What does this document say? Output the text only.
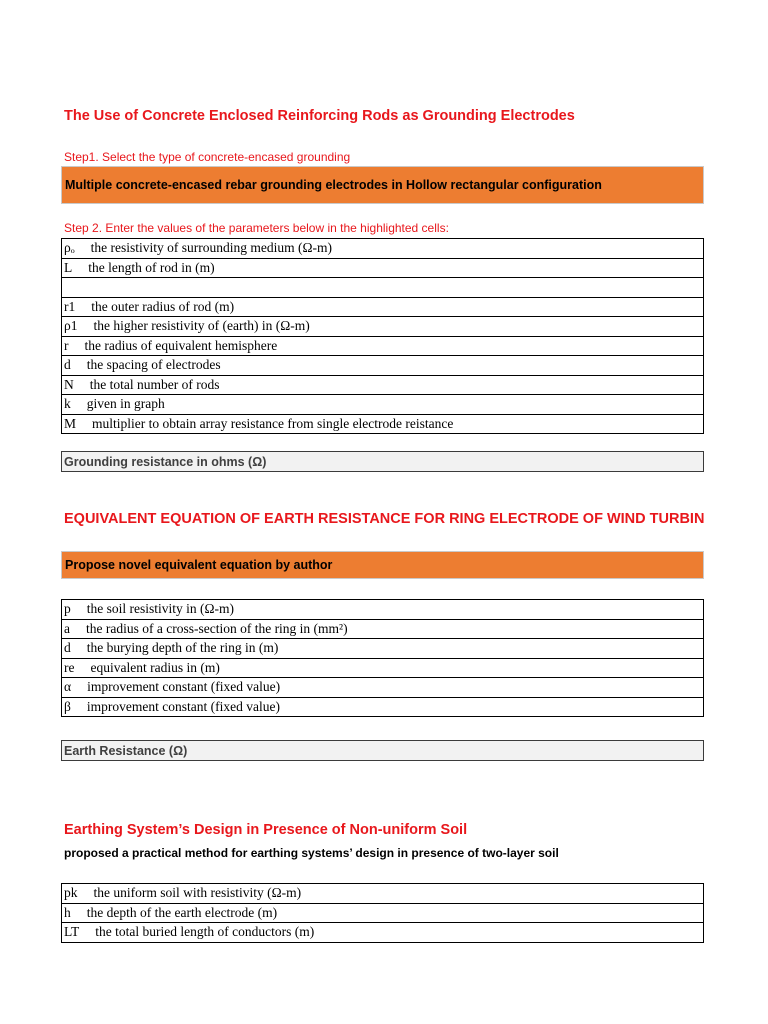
The Use of Concrete Enclosed Reinforcing Rods as Grounding Electrodes
Step1. Select the type of concrete-encased grounding
Multiple concrete-encased rebar grounding electrodes in Hollow rectangular configuration
Step 2. Enter the values of the parameters below in the highlighted cells:
ρₒ the resistivity of surrounding medium (Ω-m)
L the length of rod in (m)

r1 the outer radius of rod (m)
ρ1 the higher resistivity of (earth) in (Ω-m)
r the radius of equivalent hemisphere
d the spacing of electrodes
N the total number of rods
k given in graph
M multiplier to obtain array resistance from single electrode reistance
Grounding resistance in ohms (Ω)
EQUIVALENT EQUATION OF EARTH RESISTANCE FOR RING ELECTRODE OF WIND TURBIN
Propose novel equivalent equation by author
p the soil resistivity in (Ω-m)
a the radius of a cross-section of the ring in (mm²)
d the burying depth of the ring in (m)
re equivalent radius in (m)
α improvement constant (fixed value)
β improvement constant (fixed value)
Earth Resistance (Ω)
Earthing System’s Design in Presence of Non-uniform Soil
proposed a practical method for earthing systems’ design in presence of two-layer soil
pk the uniform soil with resistivity (Ω-m)
h the depth of the earth electrode (m)
LT the total buried length of conductors (m)
